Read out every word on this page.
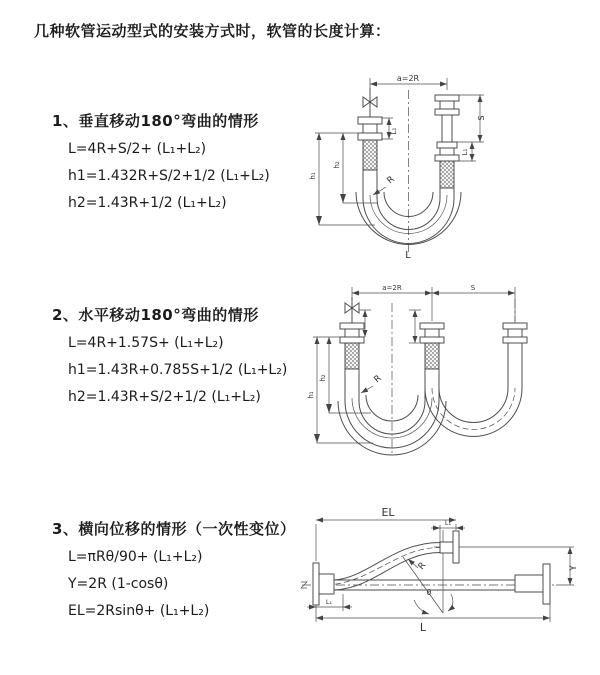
几种软管运动型式的安装方式时，软管的长度计算：
1、垂直移动180°弯曲的情形
L=4R+S/2+ (L₁+L₂)
h1=1.432R+S/2+1/2 (L₁+L₂)
h2=1.43R+1/2 (L₁+L₂)
2、水平移动180°弯曲的情形
L=4R+1.57S+ (L₁+L₂)
h1=1.43R+0.785S+1/2 (L₁+L₂)
h2=1.43R+S/2+1/2 (L₁+L₂)
3、横向位移的情形（一次性变位）
L=πRθ/90+ (L₁+L₂)
Y=2R (1-cosθ)
EL=2Rsinθ+ (L₁+L₂)
a=2R
L₁
S
L₁
h₁
h₂
R
L
a=2R	S
h₁
h₂	R
θ
EL
L₁
R	Y
L₁
L
